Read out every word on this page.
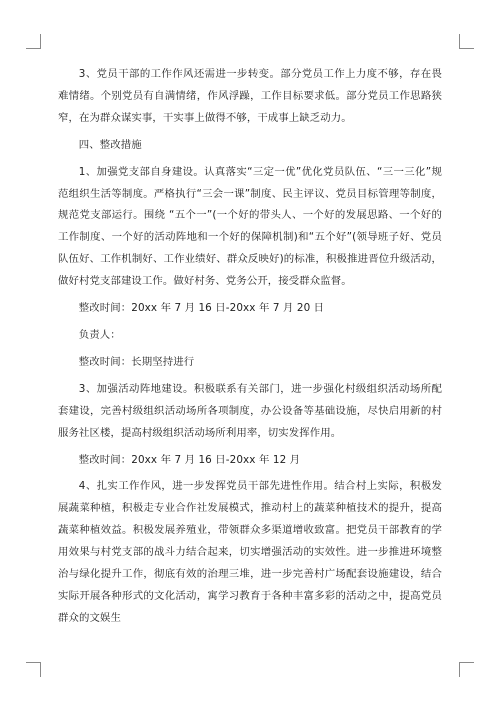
3、党员干部的工作作风还需进一步转变。部分党员工作上力度不够，存在畏难情绪。个别党员有自满情绪，作风浮躁，工作目标要求低。部分党员工作思路狭窄，在为群众谋实事，干实事上做得不够，干成事上缺乏动力。

四、整改措施

1、加强党支部自身建设。认真落实“三定一优”优化党员队伍、“三一三化”规范组织生活等制度。严格执行“三会一课”制度、民主评议、党员目标管理等制度，规范党支部运行。围绕 “五个一”(一个好的带头人、一个好的发展思路、一个好的工作制度、一个好的活动阵地和一个好的保障机制)和“五个好”(领导班子好、党员队伍好、工作机制好、工作业绩好、群众反映好)的标准，积极推进晋位升级活动，做好村党支部建设工作。做好村务、党务公开，接受群众监督。

整改时间：20xx 年 7 月 16 日-20xx 年 7 月 20 日

负责人：

整改时间：长期坚持进行

3、加强活动阵地建设。积极联系有关部门，进一步强化村级组织活动场所配套建设，完善村级组织活动场所各项制度，办公设备等基础设施，尽快启用新的村服务社区楼，提高村级组织活动场所利用率，切实发挥作用。

整改时间：20xx 年 7 月 16 日-20xx 年 12 月

4、扎实工作作风，进一步发挥党员干部先进性作用。结合村上实际，积极发展蔬菜种植，积极走专业合作社发展模式，推动村上的蔬菜种植技术的提升，提高蔬菜种植效益。积极发展养殖业，带领群众多渠道增收致富。把党员干部教育的学用效果与村党支部的战斗力结合起来，切实增强活动的实效性。进一步推进环境整治与绿化提升工作，彻底有效的治理三堆，进一步完善村广场配套设施建设，结合实际开展各种形式的文化活动，寓学习教育于各种丰富多彩的活动之中，提高党员群众的文娱生
